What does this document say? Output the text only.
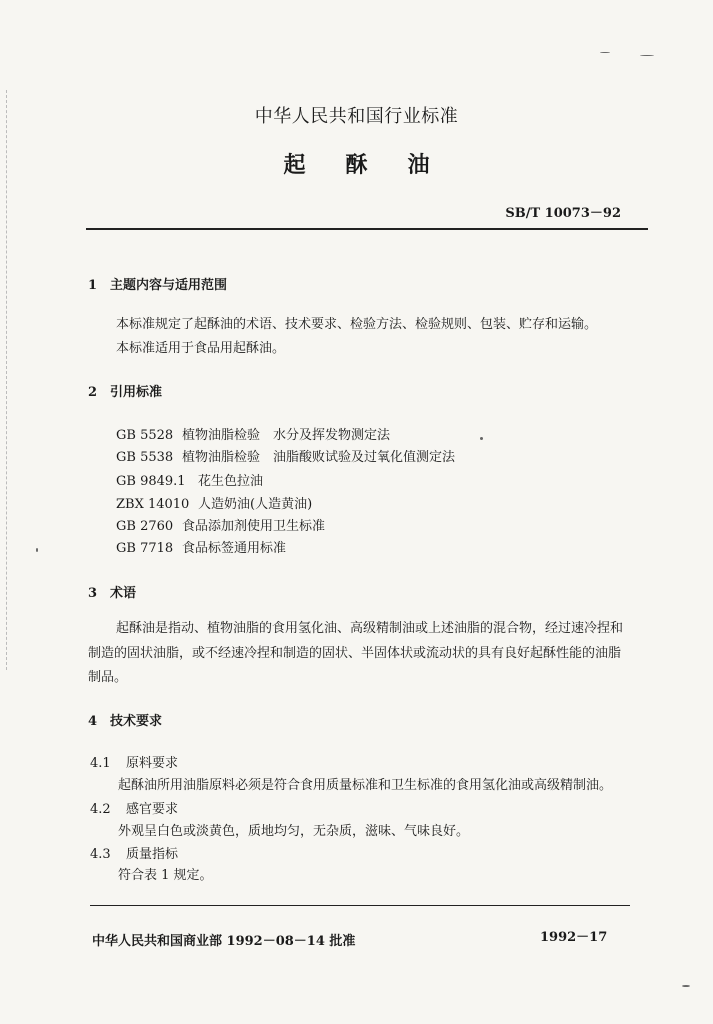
中华人民共和国行业标准
起酥油
SB/T 10073－92
1 主题内容与适用范围
本标准规定了起酥油的术语、技术要求、检验方法、检验规则、包装、贮存和运输。
本标准适用于食品用起酥油。
2 引用标准
GB 5528 植物油脂检验　水分及挥发物测定法
GB 5538 植物油脂检验　油脂酸败试验及过氧化值测定法
GB 9849.1 花生色拉油
ZBX 14010 人造奶油(人造黄油)
GB 2760 食品添加剂使用卫生标准
GB 7718 食品标签通用标准
3 术语
起酥油是指动、植物油脂的食用氢化油、高级精制油或上述油脂的混合物，经过速冷捏和
制造的固状油脂，或不经速冷捏和制造的固状、半固体状或流动状的具有良好起酥性能的油脂
制品。
4 技术要求
4.1 原料要求
起酥油所用油脂原料必须是符合食用质量标准和卫生标准的食用氢化油或高级精制油。
4.2 感官要求
外观呈白色或淡黄色，质地均匀，无杂质，滋味、气味良好。
4.3 质量指标
符合表 1 规定。
中华人民共和国商业部 1992－08－14 批准	1992－17
